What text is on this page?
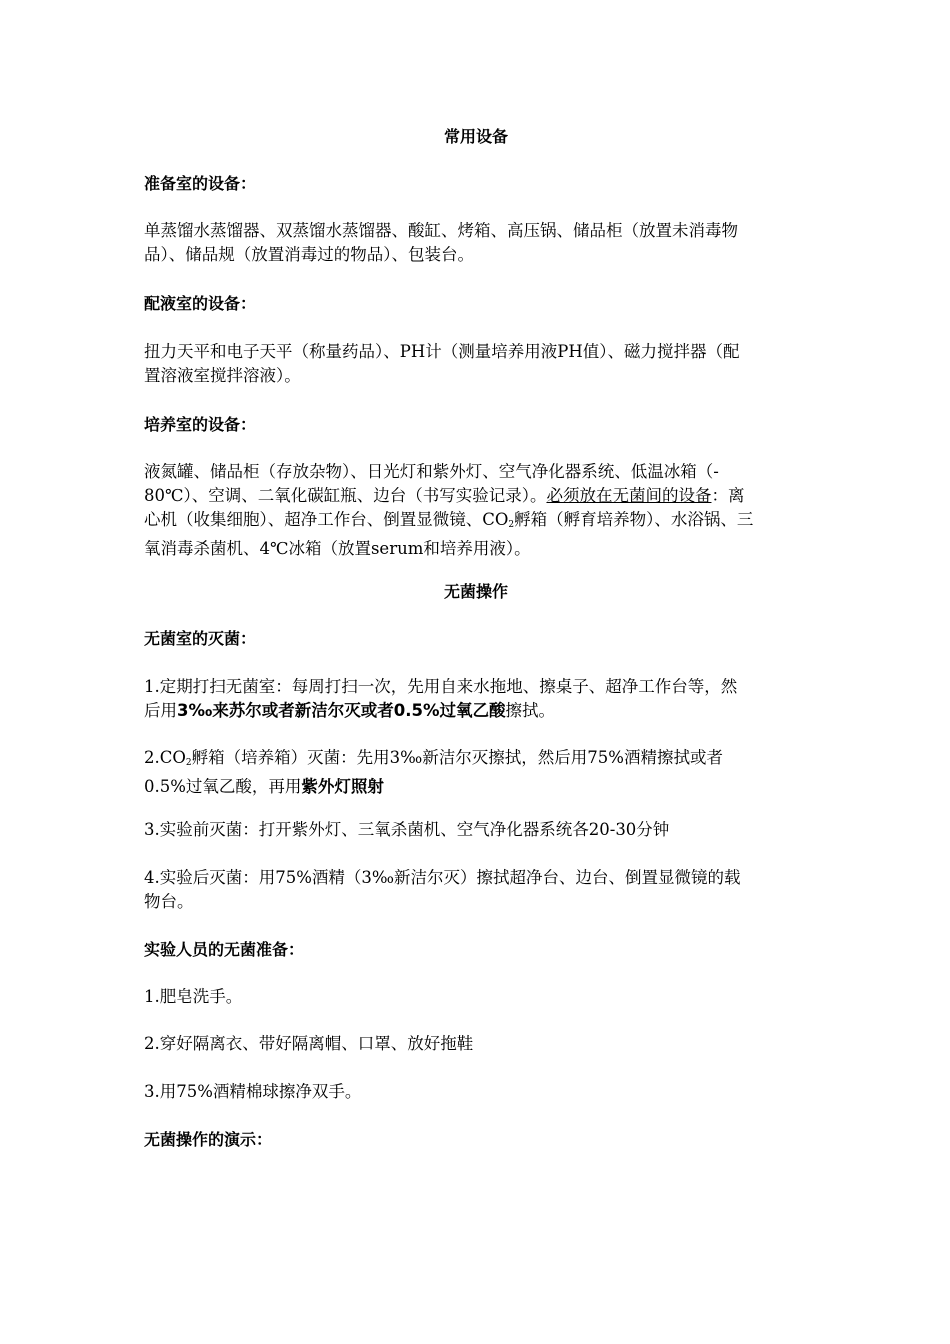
常用设备

准备室的设备：

单蒸馏水蒸馏器、双蒸馏水蒸馏器、酸缸、烤箱、高压锅、储品柜（放置未消毒物
品）、储品规（放置消毒过的物品）、包装台。

配液室的设备：

扭力天平和电子天平（称量药品）、PH计（测量培养用液PH值）、磁力搅拌器（配
置溶液室搅拌溶液）。

培养室的设备：

液氮罐、储品柜（存放杂物）、日光灯和紫外灯、空气净化器系统、低温冰箱（-
80℃）、空调、二氧化碳缸瓶、边台（书写实验记录）。必须放在无菌间的设备：离
心机（收集细胞）、超净工作台、倒置显微镜、$CO_2$孵箱（孵育培养物）、水浴锅、三
氧消毒杀菌机、4℃冰箱（放置serum和培养用液）。

无菌操作

无菌室的灭菌：

1.定期打扫无菌室：每周打扫一次，先用自来水拖地、擦桌子、超净工作台等，然
后用3‰来苏尔或者新洁尔灭或者0.5%过氧乙酸擦拭。

$2.CO_2$孵箱（培养箱）灭菌：先用3‰新洁尔灭擦拭，然后用75%酒精擦拭或者
0.5%过氧乙酸，再用紫外灯照射

3.实验前灭菌：打开紫外灯、三氧杀菌机、空气净化器系统各20-30分钟

4.实验后灭菌：用75%酒精（3‰新洁尔灭）擦拭超净台、边台、倒置显微镜的载
物台。

实验人员的无菌准备：

1.肥皂洗手。

2.穿好隔离衣、带好隔离帽、口罩、放好拖鞋

3.用75%酒精棉球擦净双手。

无菌操作的演示：
